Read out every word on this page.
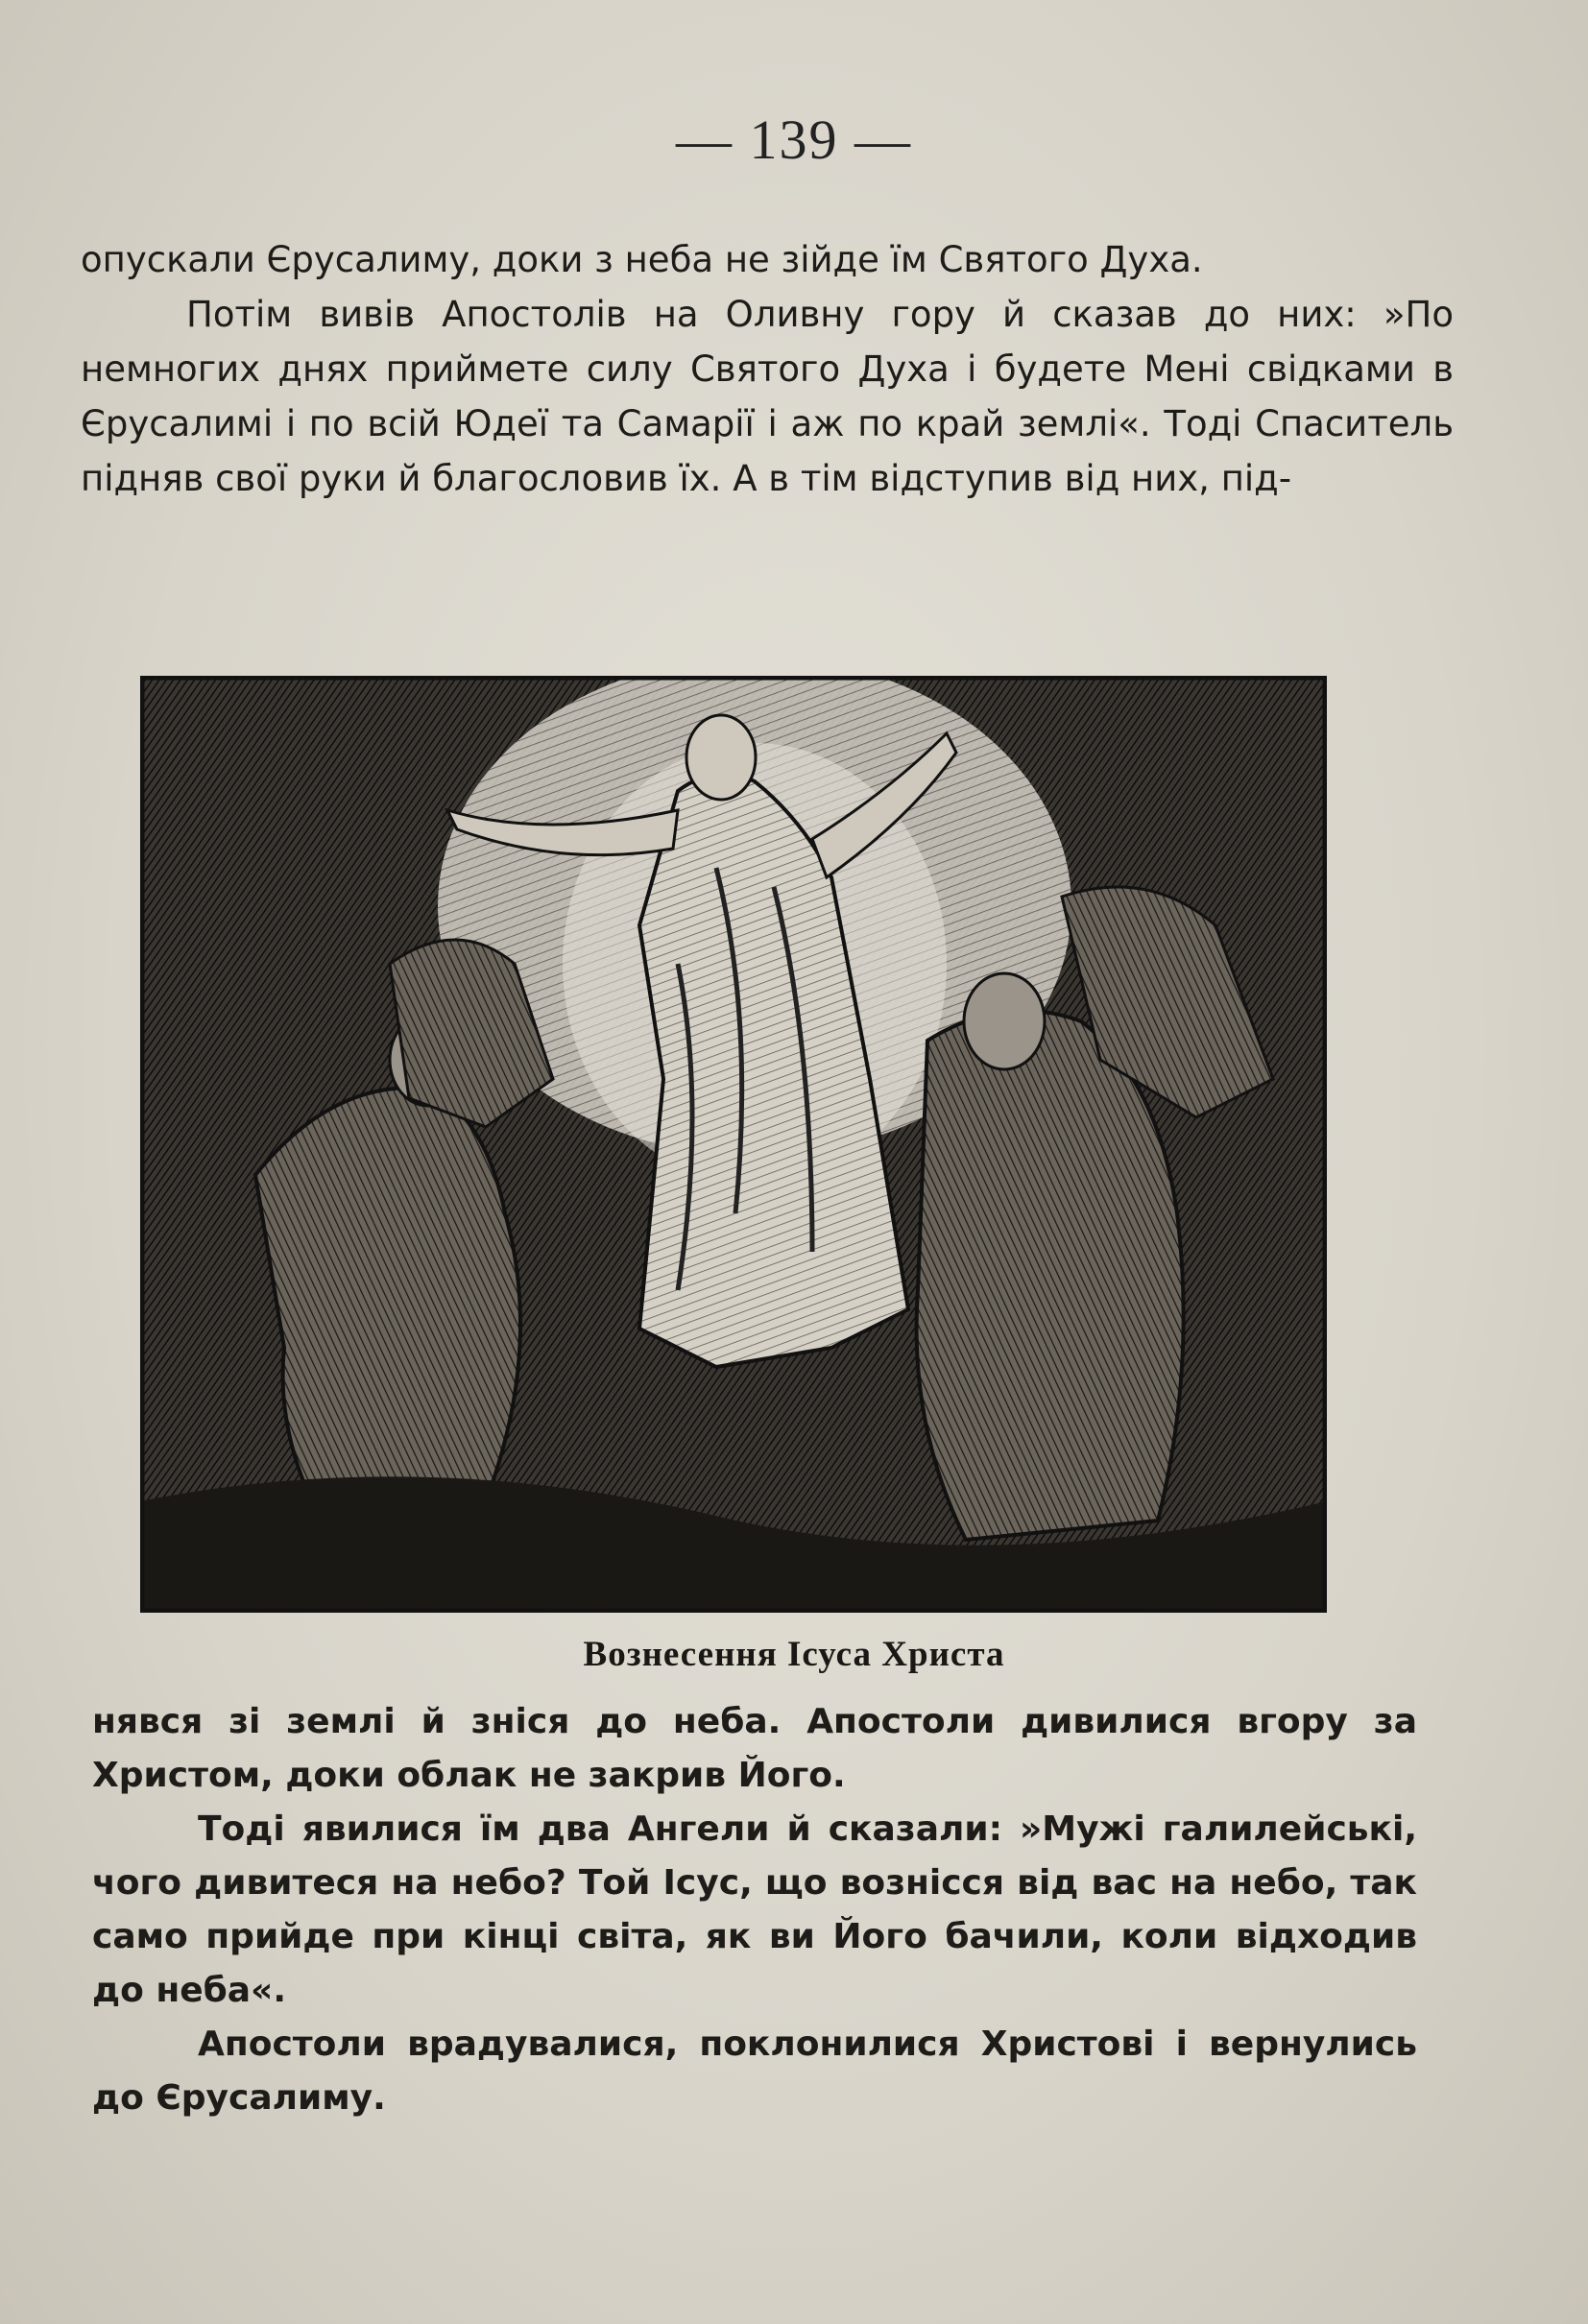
— 139 —

опускали Єрусалиму, доки з неба не зійде їм Святого Духа.

Потім вивів Апостолів на Оливну гору й сказав до них: »По немногих днях приймете силу Святого Духа і будете Мені свідками в Єрусалимі і по всій Юдеї та Самарії і аж по край землі«. Тоді Спаситель підняв свої руки й благословив їх. А в тім відступив від них, під-

Вознесення Ісуса Христа

нявся зі землі й зніся до неба. Апостоли дивилися вгору за Христом, доки облак не закрив Його.

Тоді явилися їм два Ангели й сказали: »Мужі галилейські, чого дивитеся на небо? Той Ісус, що вознісся від вас на небо, так само прийде при кінці світа, як ви Його бачили, коли відходив до неба«.

Апостоли врадувалися, поклонилися Христові і вернулись до Єрусалиму.
